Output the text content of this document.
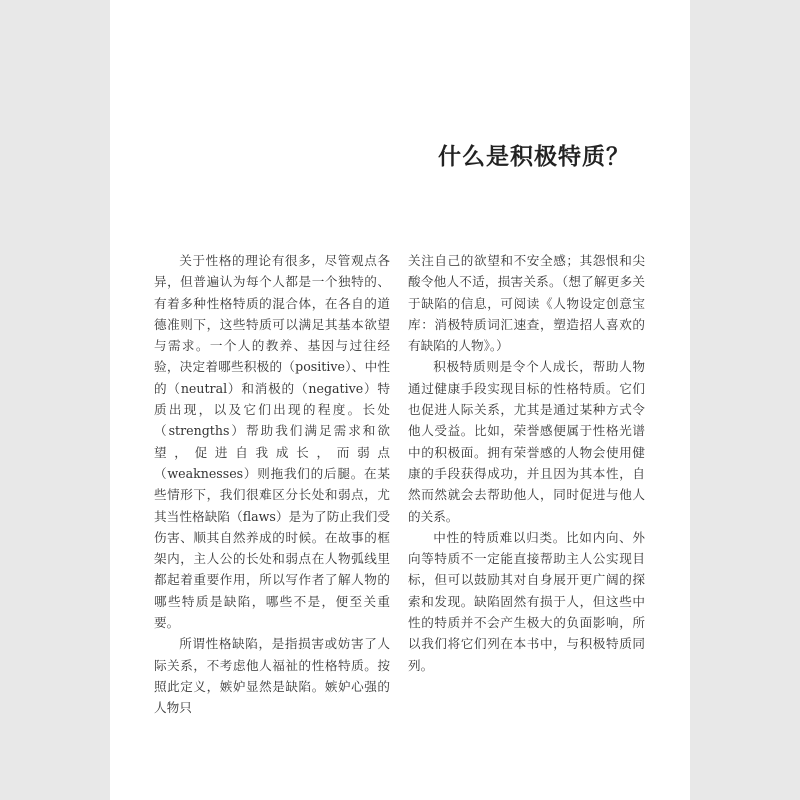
什么是积极特质？

关于性格的理论有很多，尽管观点各异，但普遍认为每个人都是一个独特的、有着多种性格特质的混合体，在各自的道德准则下，这些特质可以满足其基本欲望与需求。一个人的教养、基因与过往经验，决定着哪些积极的（positive）、中性的（neutral）和消极的（negative）特质出现，以及它们出现的程度。长处（strengths）帮助我们满足需求和欲望，促进自我成长，而弱点（weaknesses）则拖我们的后腿。在某些情形下，我们很难区分长处和弱点，尤其当性格缺陷（flaws）是为了防止我们受伤害、顺其自然养成的时候。在故事的框架内，主人公的长处和弱点在人物弧线里都起着重要作用，所以写作者了解人物的哪些特质是缺陷，哪些不是，便至关重要。

所谓性格缺陷，是指损害或妨害了人际关系，不考虑他人福祉的性格特质。按照此定义，嫉妒显然是缺陷。嫉妒心强的人物只

关注自己的欲望和不安全感；其怨恨和尖酸令他人不适，损害关系。（想了解更多关于缺陷的信息，可阅读《人物设定创意宝库：消极特质词汇速查，塑造招人喜欢的有缺陷的人物》。）

积极特质则是令个人成长，帮助人物通过健康手段实现目标的性格特质。它们也促进人际关系，尤其是通过某种方式令他人受益。比如，荣誉感便属于性格光谱中的积极面。拥有荣誉感的人物会使用健康的手段获得成功，并且因为其本性，自然而然就会去帮助他人，同时促进与他人的关系。

中性的特质难以归类。比如内向、外向等特质不一定能直接帮助主人公实现目标，但可以鼓励其对自身展开更广阔的探索和发现。缺陷固然有损于人，但这些中性的特质并不会产生极大的负面影响，所以我们将它们列在本书中，与积极特质同列。
